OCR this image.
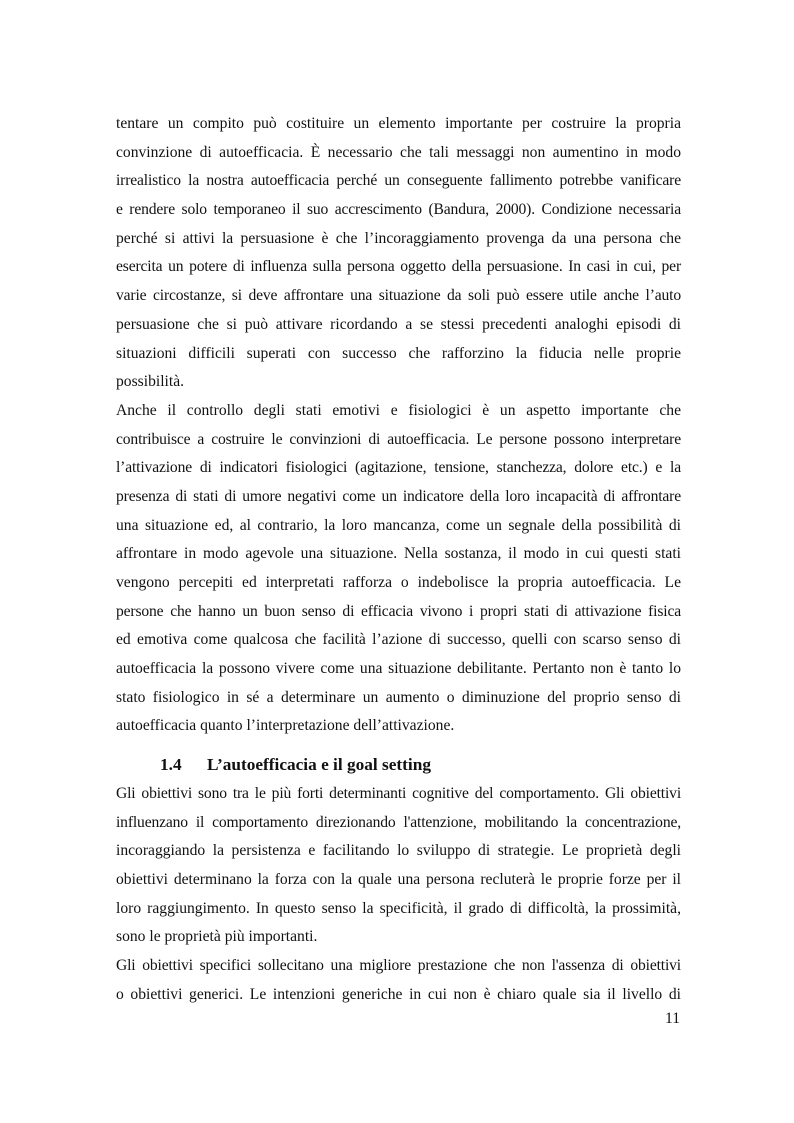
tentare un compito può costituire un elemento importante per costruire la propria
convinzione di autoefficacia. È necessario che tali messaggi non aumentino in modo
irrealistico la nostra autoefficacia perché un conseguente fallimento potrebbe vanificare
e rendere solo temporaneo il suo accrescimento (Bandura, 2000). Condizione necessaria
perché si attivi la persuasione è che l’incoraggiamento provenga da una persona che
esercita un potere di influenza sulla persona oggetto della persuasione. In casi in cui, per
varie circostanze, si deve affrontare una situazione da soli può essere utile anche l’auto
persuasione che si può attivare ricordando a se stessi precedenti analoghi episodi di
situazioni difficili superati con successo che rafforzino la fiducia nelle proprie
possibilità.
Anche il controllo degli stati emotivi e fisiologici è un aspetto importante che
contribuisce a costruire le convinzioni di autoefficacia. Le persone possono interpretare
l’attivazione di indicatori fisiologici (agitazione, tensione, stanchezza, dolore etc.) e la
presenza di stati di umore negativi come un indicatore della loro incapacità di affrontare
una situazione ed, al contrario, la loro mancanza, come un segnale della possibilità di
affrontare in modo agevole una situazione. Nella sostanza, il modo in cui questi stati
vengono percepiti ed interpretati rafforza o indebolisce la propria autoefficacia. Le
persone che hanno un buon senso di efficacia vivono i propri stati di attivazione fisica
ed emotiva come qualcosa che facilità l’azione di successo, quelli con scarso senso di
autoefficacia la possono vivere come una situazione debilitante. Pertanto non è tanto lo
stato fisiologico in sé a determinare un aumento o diminuzione del proprio senso di
autoefficacia quanto l’interpretazione dell’attivazione.
1.4 L’autoefficacia e il goal setting
Gli obiettivi sono tra le più forti determinanti cognitive del comportamento. Gli obiettivi
influenzano il comportamento direzionando l'attenzione, mobilitando la concentrazione,
incoraggiando la persistenza e facilitando lo sviluppo di strategie. Le proprietà degli
obiettivi determinano la forza con la quale una persona recluterà le proprie forze per il
loro raggiungimento. In questo senso la specificità, il grado di difficoltà, la prossimità,
sono le proprietà più importanti.
Gli obiettivi specifici sollecitano una migliore prestazione che non l'assenza di obiettivi
o obiettivi generici. Le intenzioni generiche in cui non è chiaro quale sia il livello di
11
